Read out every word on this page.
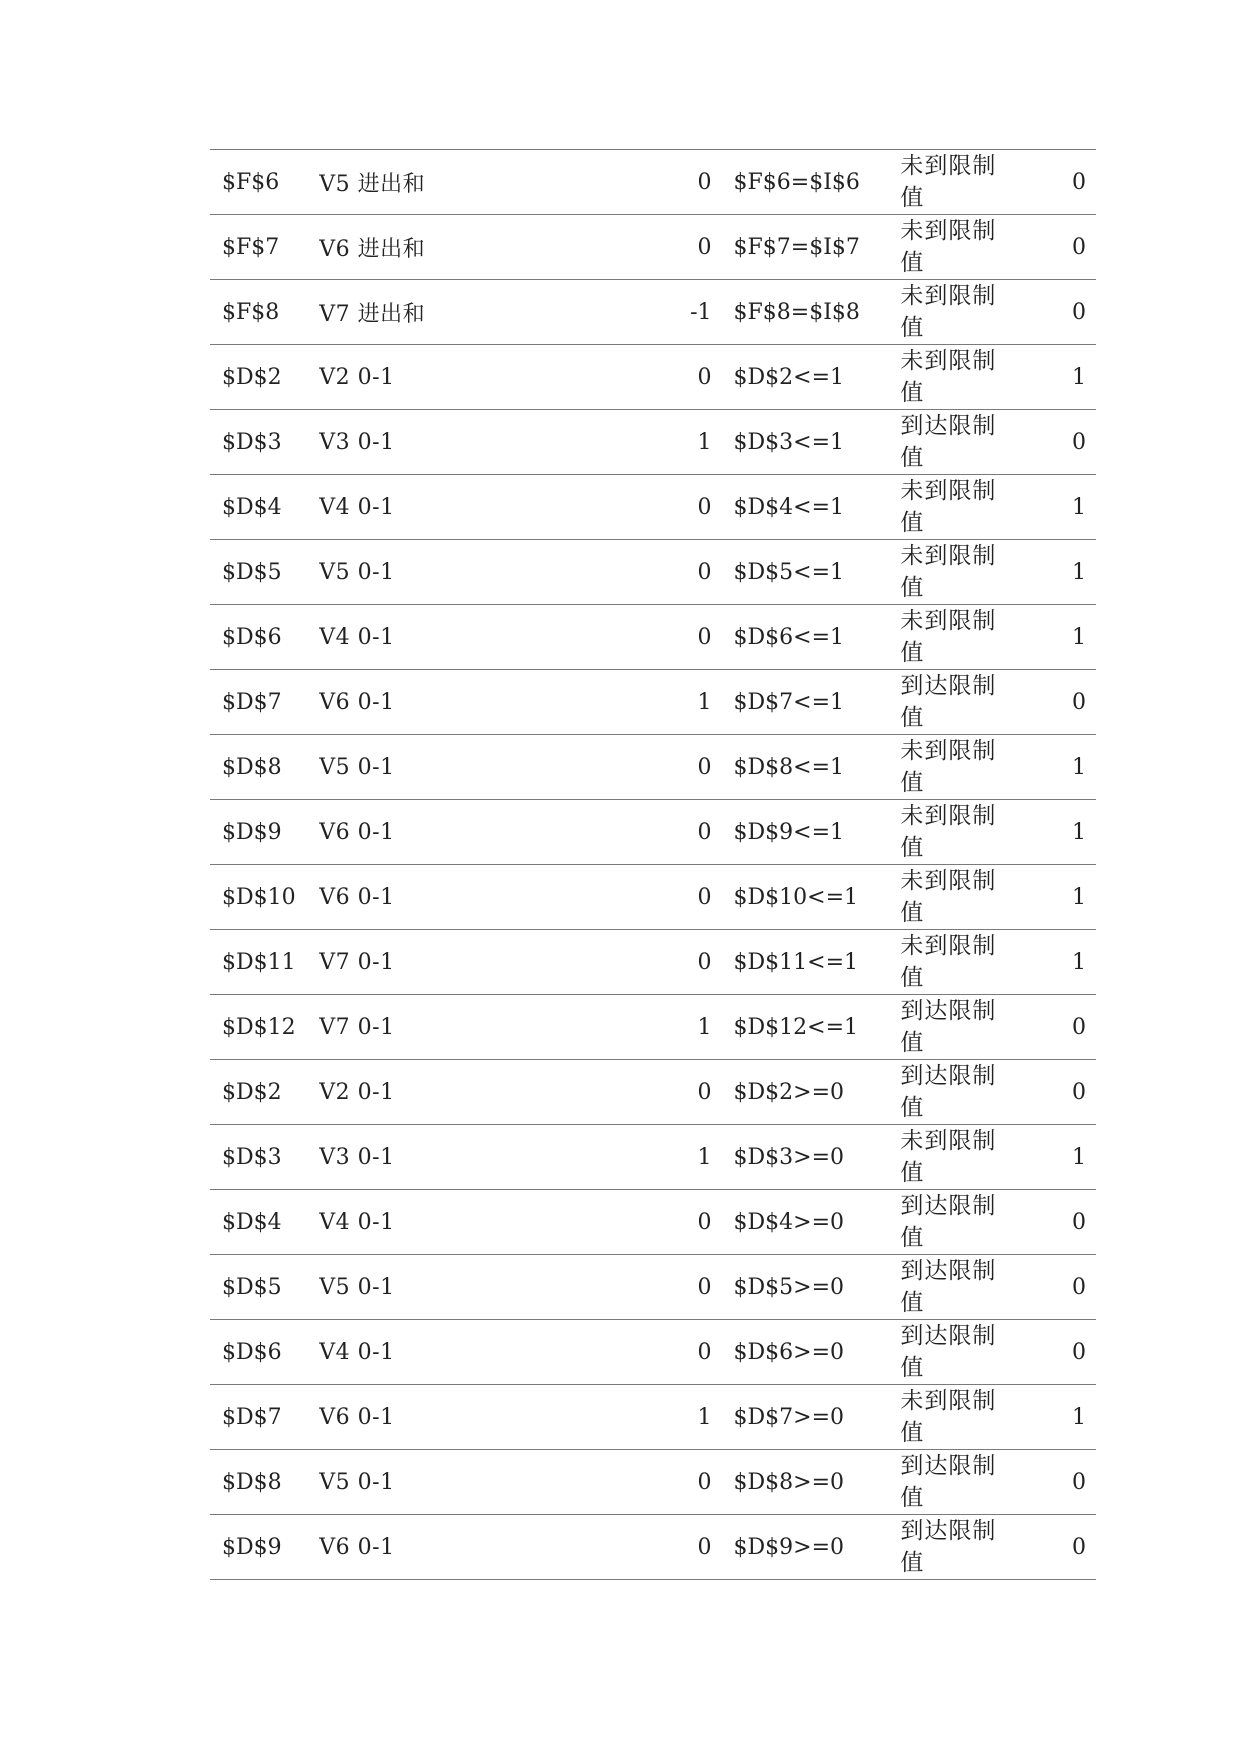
$F$6	V5 进出和	0	$F$6=$I$6	未到限制值	0
$F$7	V6 进出和	0	$F$7=$I$7	未到限制值	0
$F$8	V7 进出和	-1	$F$8=$I$8	未到限制值	0
$D$2	V2 0-1	0	$D$2<=1	未到限制值	1
$D$3	V3 0-1	1	$D$3<=1	到达限制值	0
$D$4	V4 0-1	0	$D$4<=1	未到限制值	1
$D$5	V5 0-1	0	$D$5<=1	未到限制值	1
$D$6	V4 0-1	0	$D$6<=1	未到限制值	1
$D$7	V6 0-1	1	$D$7<=1	到达限制值	0
$D$8	V5 0-1	0	$D$8<=1	未到限制值	1
$D$9	V6 0-1	0	$D$9<=1	未到限制值	1
$D$10	V6 0-1	0	$D$10<=1	未到限制值	1
$D$11	V7 0-1	0	$D$11<=1	未到限制值	1
$D$12	V7 0-1	1	$D$12<=1	到达限制值	0
$D$2	V2 0-1	0	$D$2>=0	到达限制值	0
$D$3	V3 0-1	1	$D$3>=0	未到限制值	1
$D$4	V4 0-1	0	$D$4>=0	到达限制值	0
$D$5	V5 0-1	0	$D$5>=0	到达限制值	0
$D$6	V4 0-1	0	$D$6>=0	到达限制值	0
$D$7	V6 0-1	1	$D$7>=0	未到限制值	1
$D$8	V5 0-1	0	$D$8>=0	到达限制值	0
$D$9	V6 0-1	0	$D$9>=0	到达限制值	0
